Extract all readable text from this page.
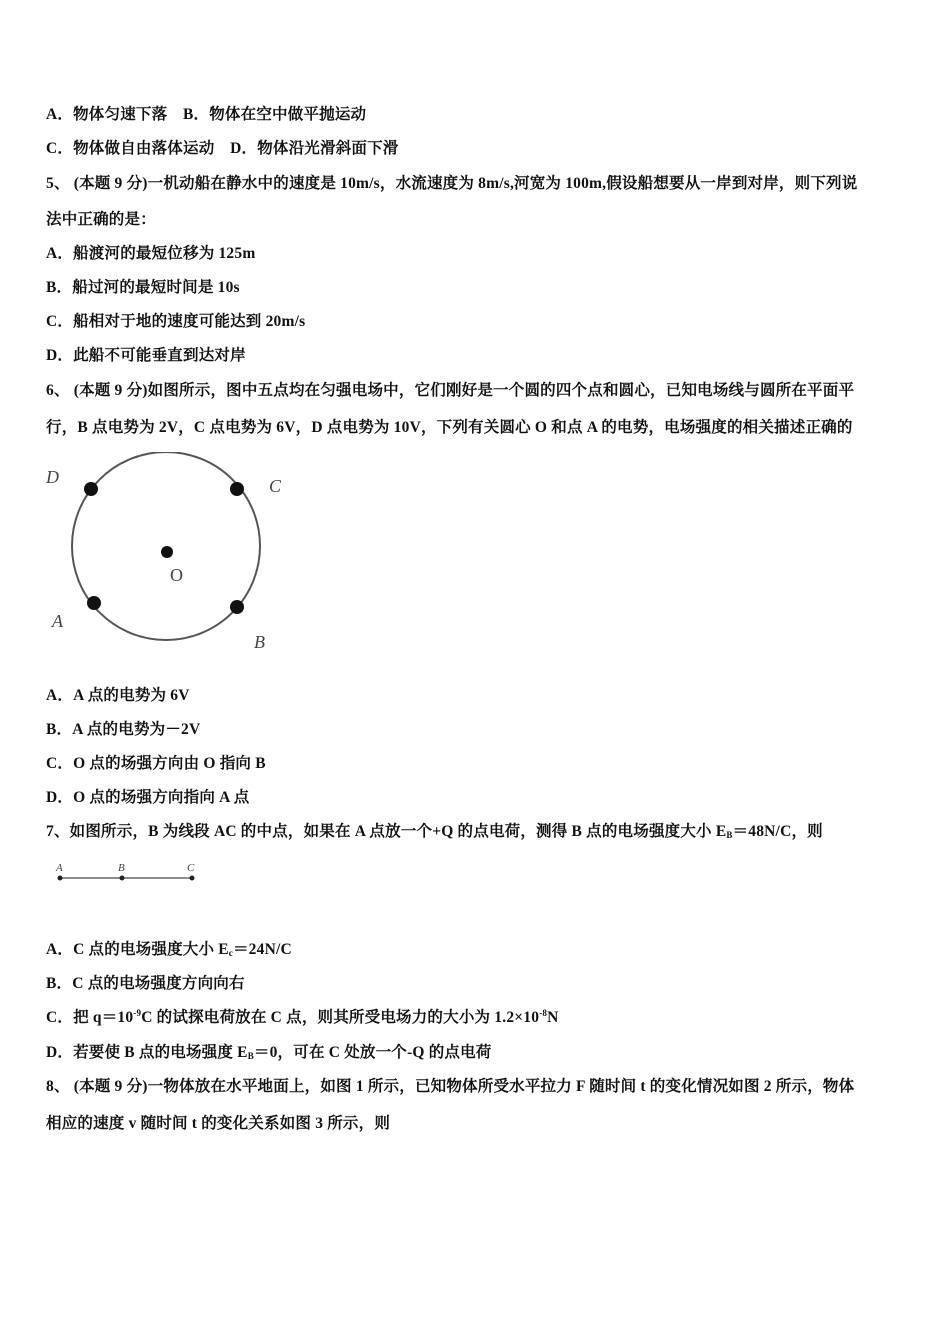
A．物体匀速下落　B．物体在空中做平抛运动
C．物体做自由落体运动　D．物体沿光滑斜面下滑
5、 (本题 9 分)一机动船在静水中的速度是 10m/s，水流速度为 8m/s,河宽为 100m,假设船想要从一岸到对岸，则下列说
法中正确的是：
A．船渡河的最短位移为 125m
B．船过河的最短时间是 10s
C．船相对于地的速度可能达到 20m/s
D．此船不可能垂直到达对岸
6、 (本题 9 分)如图所示，图中五点均在匀强电场中，它们刚好是一个圆的四个点和圆心，已知电场线与圆所在平面平
行，B 点电势为 2V，C 点电势为 6V，D 点电势为 10V，下列有关圆心 O 和点 A 的电势，电场强度的相关描述正确的
D	C
O
A
B
A．A 点的电势为 6V
B．A 点的电势为－2V
C．O 点的场强方向由 O 指向 B
D．O 点的场强方向指向 A 点
7、如图所示，B 为线段 AC 的中点，如果在 A 点放一个+Q 的点电荷，测得 B 点的电场强度大小 $E_B=48N/C$，则
A	B	C
A．C 点的电场强度大小 $E_c=24N/C$
B．C 点的电场强度方向向右
C．把 $q=10^{-9}C$ 的试探电荷放在 C 点，则其所受电场力的大小为 $1.2\times 10^{-8}N$
D．若要使 B 点的电场强度 $E_B=0$，可在 C 处放一个-Q 的点电荷
8、 (本题 9 分)一物体放在水平地面上，如图 1 所示，已知物体所受水平拉力 F 随时间 t 的变化情况如图 2 所示，物体
相应的速度 v 随时间 t 的变化关系如图 3 所示，则
